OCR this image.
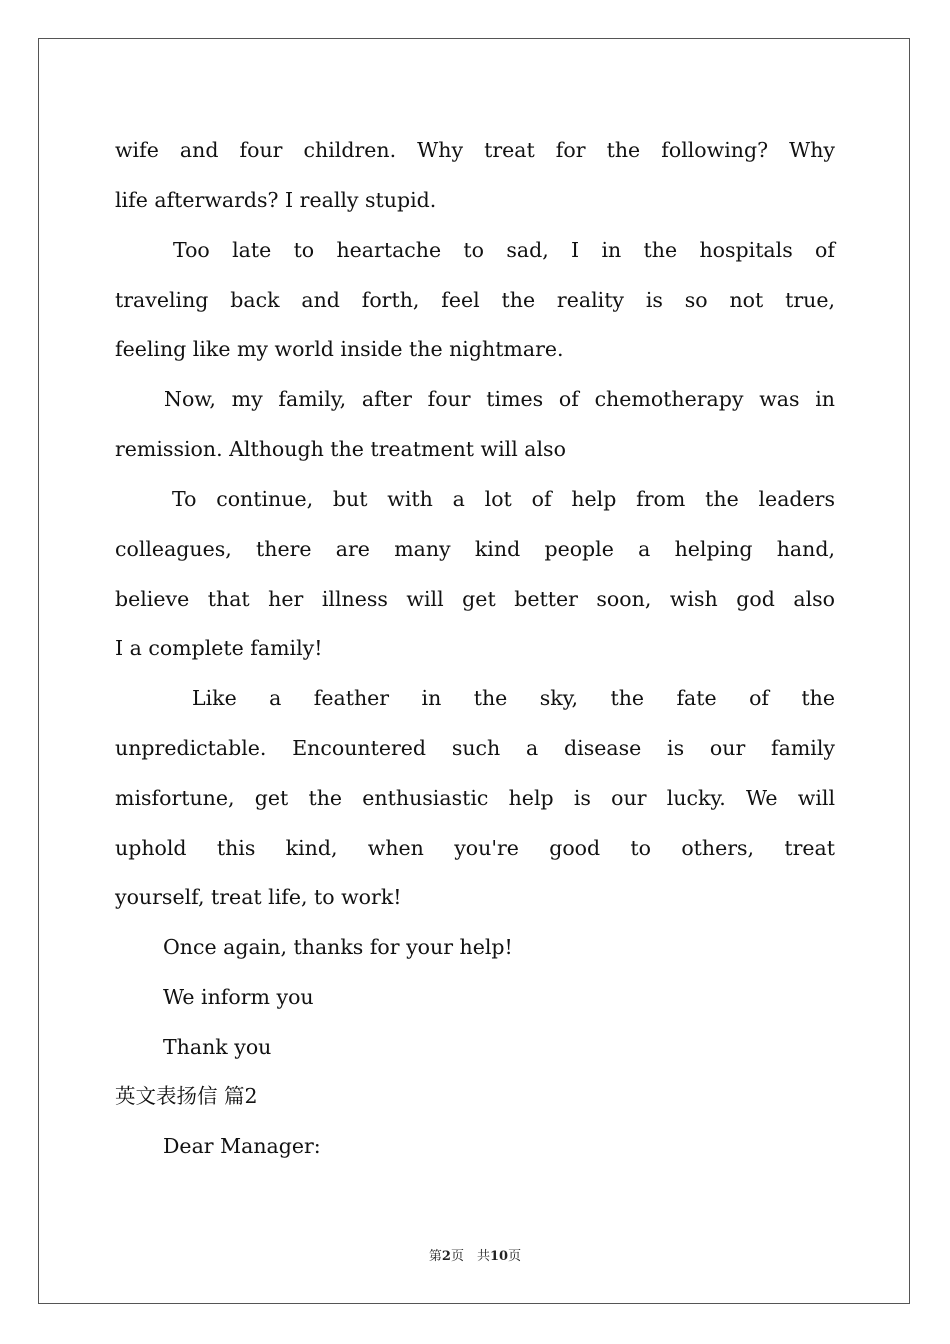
wife and four children. Why treat for the following? Why
life afterwards? I really stupid.
Too late to heartache to sad, I in the hospitals of
traveling back and forth, feel the reality is so not true,
feeling like my world inside the nightmare.
Now, my family, after four times of chemotherapy was in
remission. Although the treatment will also
To continue, but with a lot of help from the leaders
colleagues, there are many kind people a helping hand,
believe that her illness will get better soon, wish god also
I a complete family!
Like a feather in the sky, the fate of the
unpredictable. Encountered such a disease is our family
misfortune, get the enthusiastic help is our lucky. We will
uphold this kind, when you're good to others, treat
yourself, treat life, to work!
Once again, thanks for your help!
We inform you
Thank you
英文表扬信 篇2
Dear Manager:
第2页　共10页
